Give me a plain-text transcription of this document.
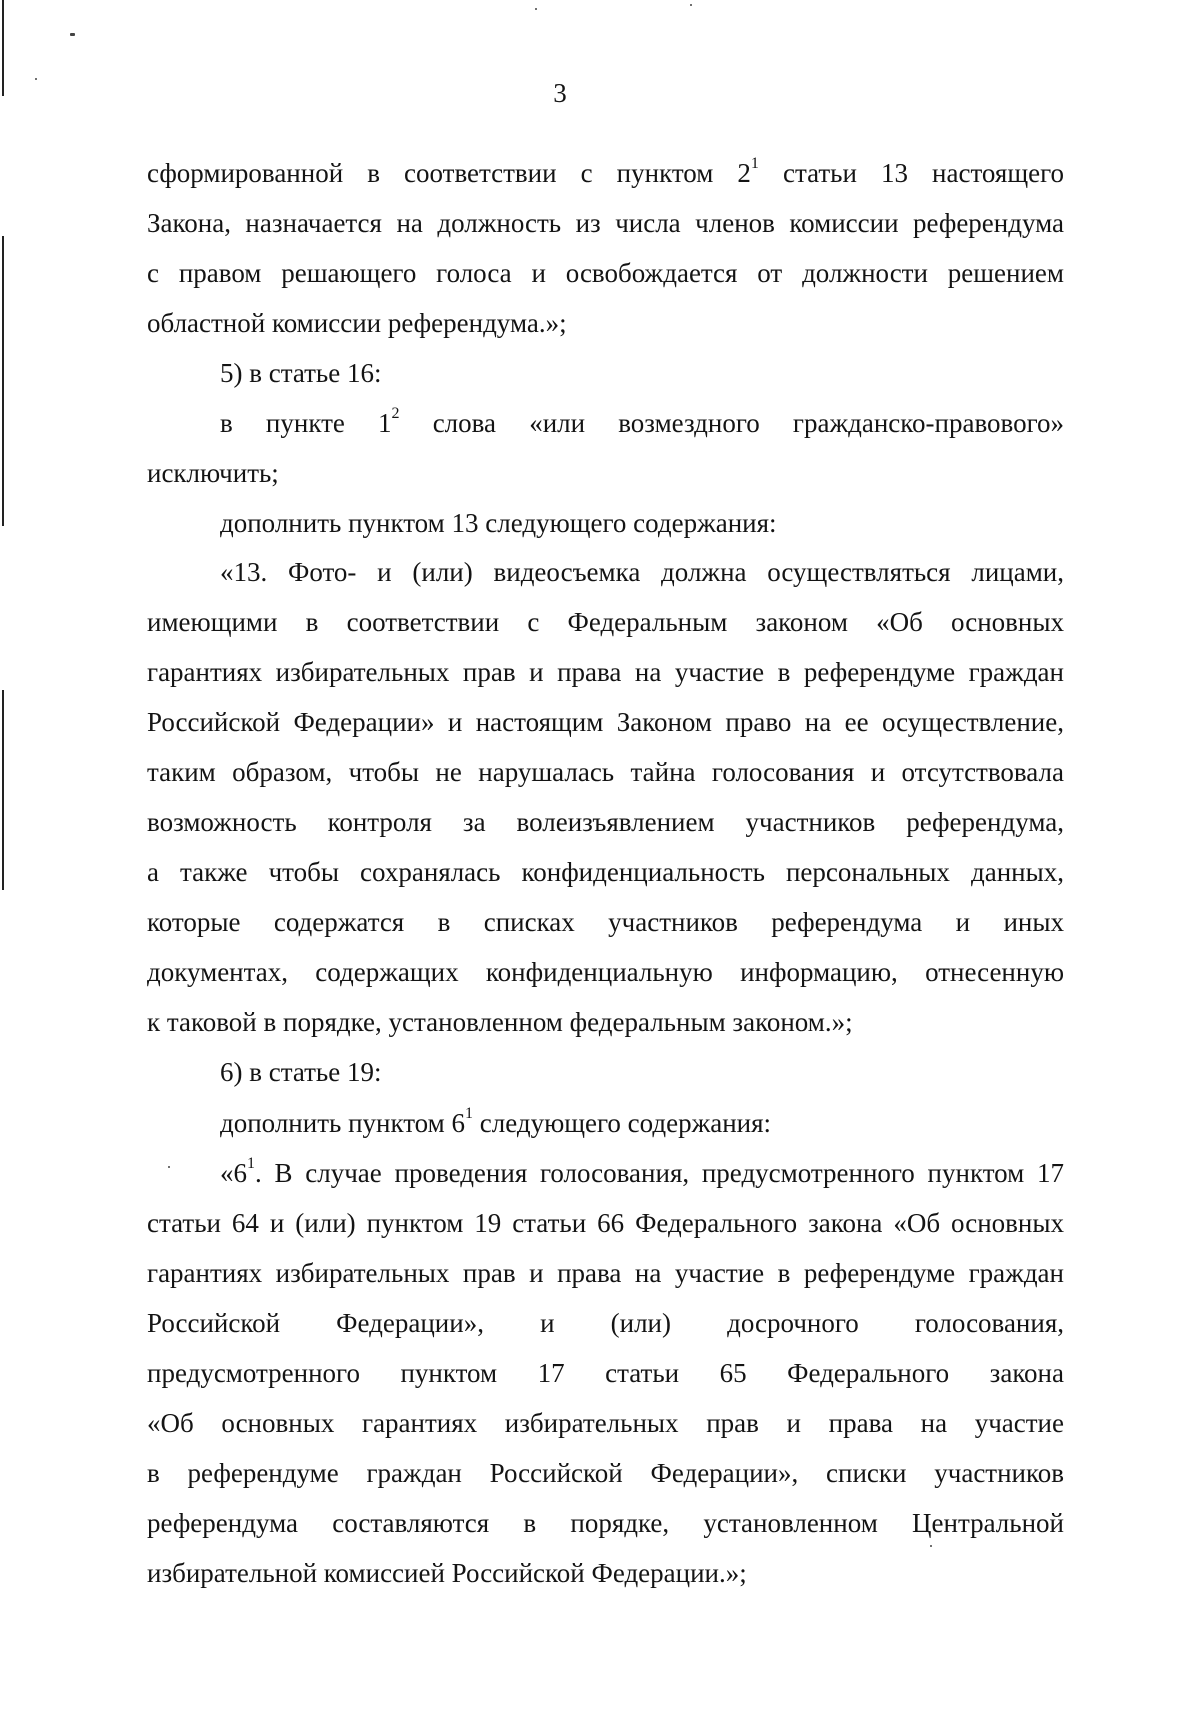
3
сформированной в соответствии с пунктом $2^1$ статьи 13 настоящего
Закона, назначается на должность из числа членов комиссии референдума
с правом решающего голоса и освобождается от должности решением
областной комиссии референдума.»;
5) в статье 16:
в пункте $1^2$ слова «или возмездного гражданско-правового»
исключить;
дополнить пунктом 13 следующего содержания:
«13. Фото- и (или) видеосъемка должна осуществляться лицами,
имеющими в соответствии с Федеральным законом «Об основных
гарантиях избирательных прав и права на участие в референдуме граждан
Российской Федерации» и настоящим Законом право на ее осуществление,
таким образом, чтобы не нарушалась тайна голосования и отсутствовала
возможность контроля за волеизъявлением участников референдума,
а также чтобы сохранялась конфиденциальность персональных данных,
которые содержатся в списках участников референдума и иных
документах, содержащих конфиденциальную информацию, отнесенную
к таковой в порядке, установленном федеральным законом.»;
6) в статье 19:
дополнить пунктом $6^1$ следующего содержания:
«$6^1$. В случае проведения голосования, предусмотренного пунктом 17
статьи 64 и (или) пунктом 19 статьи 66 Федерального закона «Об основных
гарантиях избирательных прав и права на участие в референдуме граждан
Российской Федерации», и (или) досрочного голосования,
предусмотренного пунктом 17 статьи 65 Федерального закона
«Об основных гарантиях избирательных прав и права на участие
в референдуме граждан Российской Федерации», списки участников
референдума составляются в порядке, установленном Центральной
избирательной комиссией Российской Федерации.»;
